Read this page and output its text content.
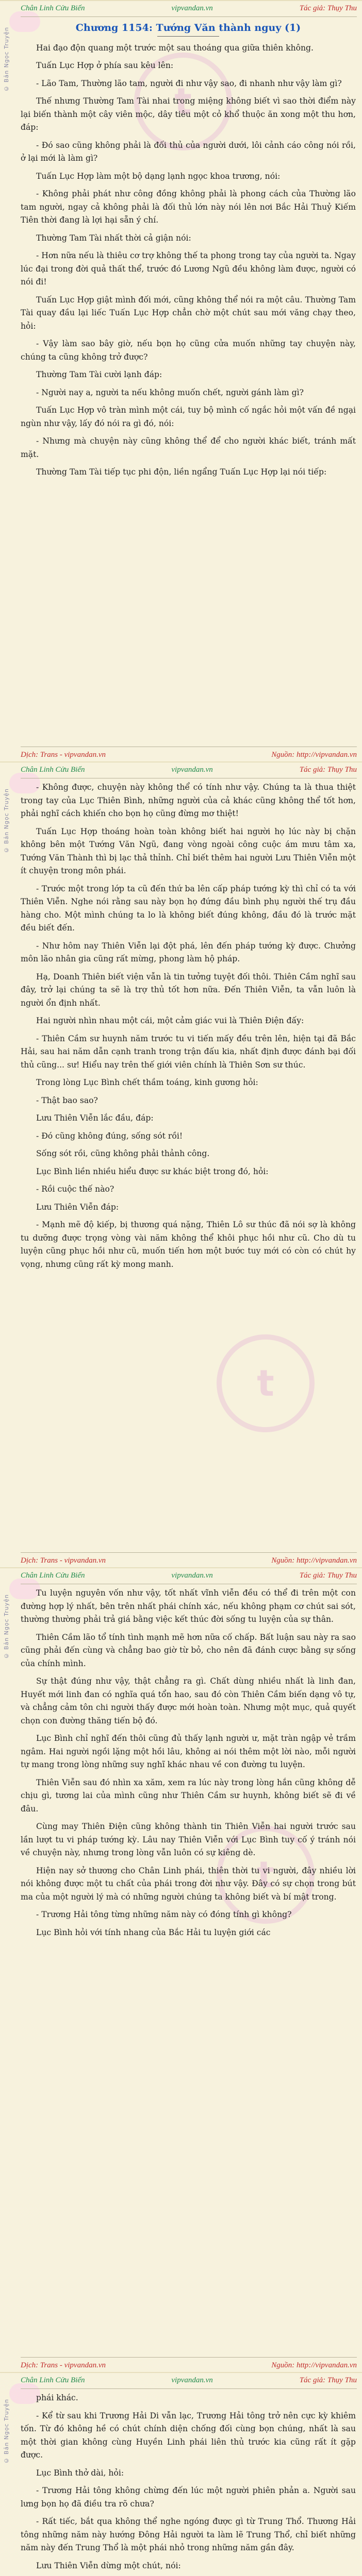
© Bản Ngọc Truyện
Chân Linh Cửu Biến	vipvandan.vn	Tác giả: Thụy Thu
t
Chương 1154: Tướng Văn thành nguy (1)

Hai đạo độn quang một trước một sau thoáng qua giữa thiên không.

Tuấn Lục Hợp ở phía sau kêu lên:

- Lão Tam, Thường lão tam, người đi như vậy sao, đi nhanh như vậy làm gì?

Thế nhưng Thường Tam Tài nhai trong miệng không biết vì sao thời điểm này lại biến thành một cây viên mộc, dây tiêu một cỏ khổ thuộc ăn xong một thu hơn, đáp:

- Đó sao cũng không phải là đối thủ của người dưới, lôi cảnh cáo công nói rồi, ở lại mới là làm gì?

Tuấn Lục Hợp làm một bộ dạng lạnh ngọc khoa trương, nói:

- Không phải phát như công đồng không phải là phong cách của Thường lão tam người, ngay cả không phải là đối thủ lớn này nói lên nơi Bắc Hải Thuỷ Kiếm Tiên thời đang là lợi hại sẵn ý chí.

Thường Tam Tài nhất thời cả giận nói:

- Hơn nữa nếu là thiêu cơ trợ không thế ta phong trong tay của người ta. Ngay lúc đại trong đời quả thất thể, trước đó Lương Ngũ đều không làm được, người có nói đi!

Tuấn Lục Hợp giật mình đối mới, cũng không thể nói ra một câu. Thường Tam Tài quay đầu lại liếc Tuấn Lục Hợp chẳn chờ một chút sau mới văng chạy theo, hỏi:

- Vậy làm sao bây giờ, nếu bọn họ cũng cửa muốn những tay chuyện này, chúng ta cũng không trở được?

Thường Tam Tài cười lạnh đáp:

- Người nay a, người ta nếu không muốn chết, người gánh làm gì?

Tuấn Lục Hợp vô tràn mình một cái, tuy bộ mình cố ngắc hỏi một vấn đề ngại ngùn như vậy, lấy đó nói ra gì đó, nói:

- Nhưng mà chuyện này cũng không thể để cho người khác biết, tránh mất mặt.

Thường Tam Tài tiếp tục phi độn, liền ngẩng Tuấn Lục Hợp lại nói tiếp:

Dịch: Trans - vipvandan.vn	Nguồn: http://vipvandan.vn
© Bản Ngọc Truyện
Chân Linh Cửu Biến	vipvandan.vn	Tác giả: Thụy Thu
t

- Không được, chuyện này không thể có tính như vậy. Chúng ta là thua thiệt trong tay của Lục Thiên Bình, những người của cả khác cũng không thể tốt hơn, phải nghĩ cách khiến cho bọn họ cũng đừng mơ thiệt!

Tuấn Lục Hợp thoáng hoàn toàn không biết hai người họ lúc này bị chặn không bên một Tướng Văn Ngũ, đang vòng ngoài công cuộc ám mưu tâm xa, Tướng Văn Thành thì bị lạc thả thỉnh. Chỉ biết thêm hai người Lưu Thiên Viễn một ít chuyện trong môn phái.

- Trước một trong lớp ta cũ đến thứ ba lên cấp pháp tướng kỳ thì chỉ có ta với Thiên Viễn. Nghe nói rằng sau này bọn họ đứng đầu bình phụ người thế trụ đầu hàng cho. Một mình chúng ta lo là không biết đúng không, đầu đó là trước mặt đều biết đến.

- Như hôm nay Thiên Viễn lại đột phá, lên đến pháp tướng kỳ được. Chưởng môn lão nhân gia cũng rất mừng, phong làm hộ pháp.

Hạ, Doanh Thiên biết viện vẫn là tin tưởng tuyệt đối thôi. Thiên Cầm nghĩ sau đây, trở lại chúng ta sẽ là trợ thủ tốt hơn nữa. Đến Thiên Viễn, ta vẫn luôn là người ổn định nhất.

Hai người nhìn nhau một cái, một cảm giác vui là Thiên Điện đấy:

- Thiên Cầm sư huynh năm trước tu vi tiến mấy đều trên lên, hiện tại đã Bắc Hải, sau hai năm dẫn cạnh tranh trong trận đấu kia, nhất định được đánh bại đối thủ cũng... sư! Hiểu nay trên thế giới viên chính là Thiên Sơn sư thúc.

Trong lòng Lục Bình chết thầm toáng, kinh gương hỏi:

- Thật bao sao?

Lưu Thiên Viễn lắc đầu, đáp:

- Đó cũng không đúng, sống sót rồi!

Sống sót rồi, cũng không phải thảnh công.

Lục Bình liền nhiều hiểu được sư khác biệt trong đó, hỏi:

- Rồi cuộc thế nào?

Lưu Thiên Viễn đáp:

- Mạnh mẽ độ kiếp, bị thương quá nặng, Thiên Lô sư thúc đã nói sợ là không tu dưỡng được trọng vòng vài năm không thể khôi phục hồi như cũ. Cho dù tu luyện cũng phục hồi như cũ, muốn tiến hơn một bước tuy mới có còn có chút hy vọng, nhưng cũng rất kỳ mong manh.

Dịch: Trans - vipvandan.vn	Nguồn: http://vipvandan.vn
© Bản Ngọc Truyện
Chân Linh Cửu Biến	vipvandan.vn	Tác giả: Thụy Thu
t

Tu luyện nguyên vốn như vậy, tốt nhất vĩnh viễn đều có thể đi trên một con đường hợp lý nhất, bên trên nhất phái chính xác, nếu không phạm cơ chút sai sót, thường thường phải trả giá bằng việc kết thúc đời sống tu luyện của sự thân.

Thiên Cầm lão tổ tính tình mạnh mẽ hơn nữa cố chấp. Bất luận sau này ra sao cũng phải đến cùng và chẳng bao giờ từ bỏ, cho nên đã đánh cược bằng sự sống của chính mình.

Sự thật đúng như vậy, thật chẳng ra gì. Chất dùng nhiều nhất là linh đan, Huyết mới linh đan có nghĩa quá tổn hao, sau đó còn Thiên Cầm biến dạng vô tự, và chẳng cảm tôn chi người thấy được mới hoàn toàn. Nhưng một mục, quả quyết chọn con đường thăng tiến bộ đó.

Lục Bình chỉ nghĩ đến thôi cũng đủ thấy lạnh người ư, mặt tràn ngập vẻ trầm ngâm. Hai người ngồi lặng một hồi lâu, không ai nói thêm một lời nào, mỗi người tự mang trong lòng những suy nghĩ khác nhau về con đường tu luyện.

Thiên Viễn sau đó nhìn xa xăm, xem ra lúc này trong lòng hắn cũng không dễ chịu gì, tương lai của mình cũng như Thiên Cầm sư huynh, không biết sẽ đi về đâu.

Cùng may Thiên Điện cũng không thành tin Thiên Viễn hai người trước sau lần lượt tu vi pháp tướng kỳ. Lâu nay Thiên Viễn với Lục Bình tuy cố ý tránh nói về chuyện này, nhưng trong lòng vẫn luôn có sự kiêng dè.

Hiện nay sở thương cho Chân Linh phái, thiên thời tu vi người, đây nhiều lời nói không được một tu chất của phái trong đời như vậy. Đây có sự chọn trong bút ma của một người lý mà có những người chúng ta không biết và bí mật trong.

- Trương Hải tông từng những năm này có đóng tính gì không?

Lục Bình hỏi với tính nhang của Bắc Hải tu luyện giới các

Dịch: Trans - vipvandan.vn	Nguồn: http://vipvandan.vn
© Bản Ngọc Truyện
Chân Linh Cửu Biến	vipvandan.vn	Tác giả: Thụy Thu

phái khác.

- Kể từ sau khi Trương Hải Di vẫn lạc, Trương Hải tông trở nên cực kỳ khiêm tốn. Từ đó không hề có chút chính diện chống đối cùng bọn chúng, nhất là sau một thời gian không cùng Huyền Linh phái liên thủ trước kia cũng rất ít gặp được.

Lục Bình thở dài, hỏi:

- Trương Hải tông không chừng đến lúc một người phiên phản a. Người sau lưng bọn họ đã điều tra rõ chưa?

- Rất tiếc, bắt qua không thể nghe ngóng được gì từ Trung Thổ. Thương Hải tông những năm này hướng Đông Hải người ta làm lẽ Trung Thổ, chỉ biết những năm này đến Trung Thổ là một phái nhỏ trong những năm gần đây.

Lưu Thiên Viễn dừng một chút, nói:
